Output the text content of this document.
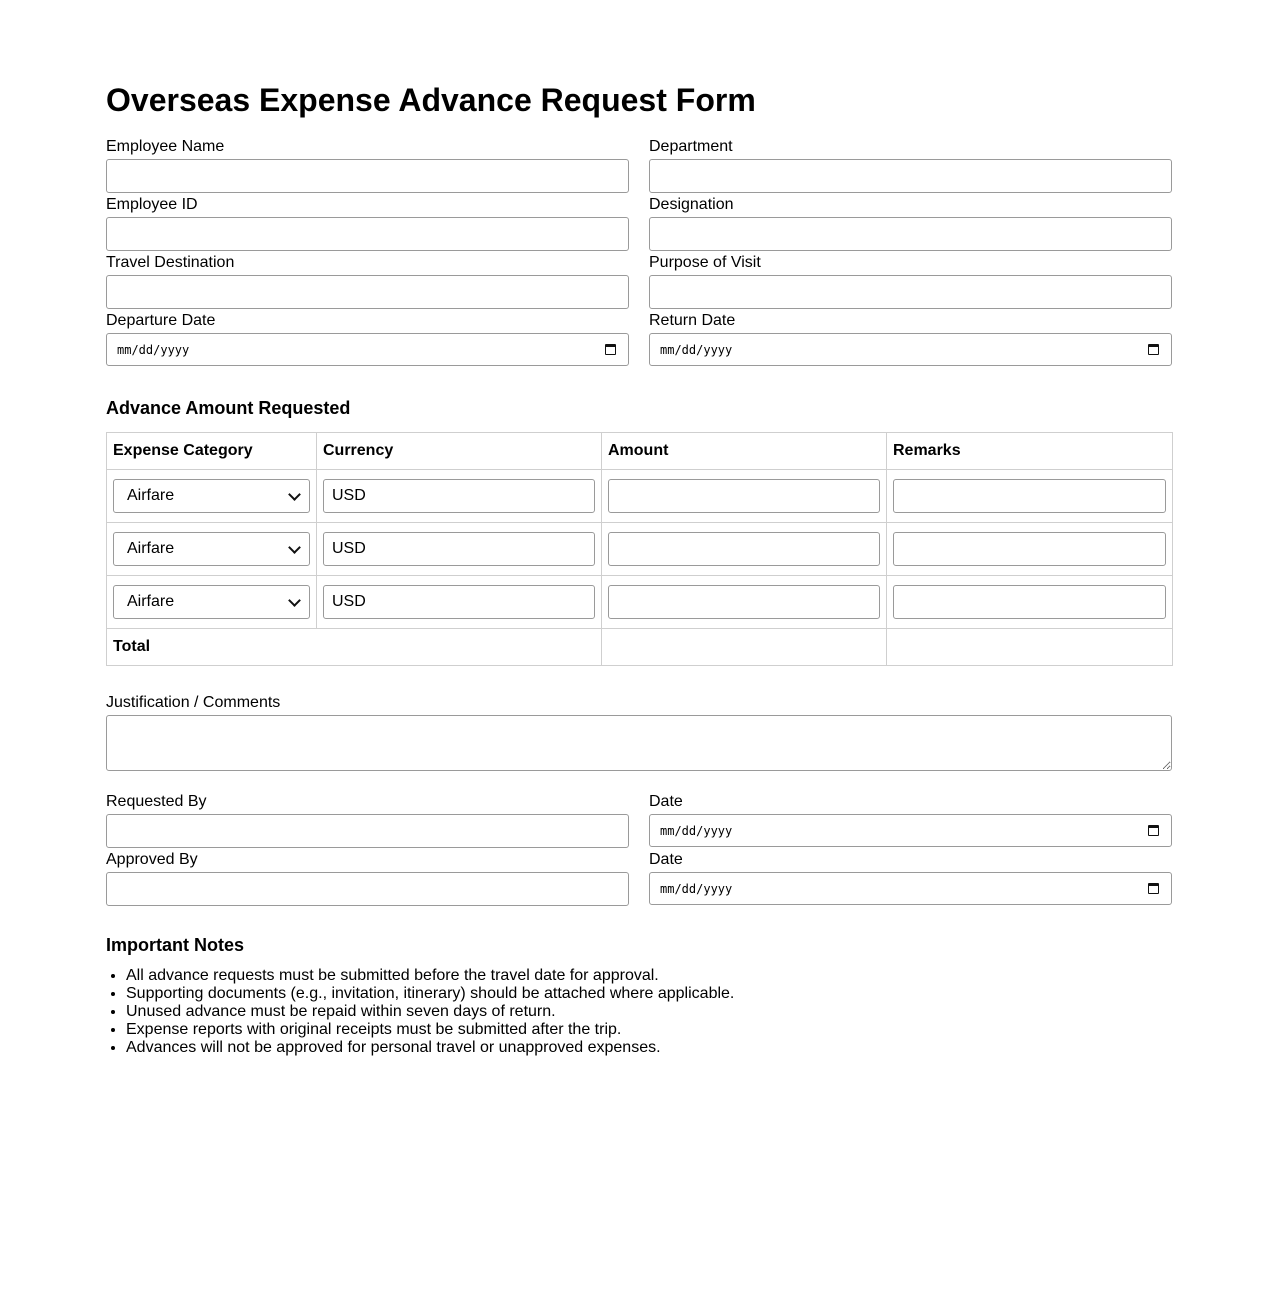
Overseas Expense Advance Request Form
Employee Name	Department
Employee ID	Designation
Travel Destination	Purpose of Visit
Departure Date
mm/dd/yyyy
Return Date
mm/dd/yyyy
Advance Amount Requested
Expense Category	Currency	Amount	Remarks

Airfare	USD		

Airfare	USD		

Airfare	USD		

Total			
Justification / Comments
Requested By	Date
mm/dd/yyyy
Approved By	Date
mm/dd/yyyy
Important Notes
• All advance requests must be submitted before the travel date for approval.
• Supporting documents (e.g., invitation, itinerary) should be attached where applicable.
• Unused advance must be repaid within seven days of return.
• Expense reports with original receipts must be submitted after the trip.
• Advances will not be approved for personal travel or unapproved expenses.
